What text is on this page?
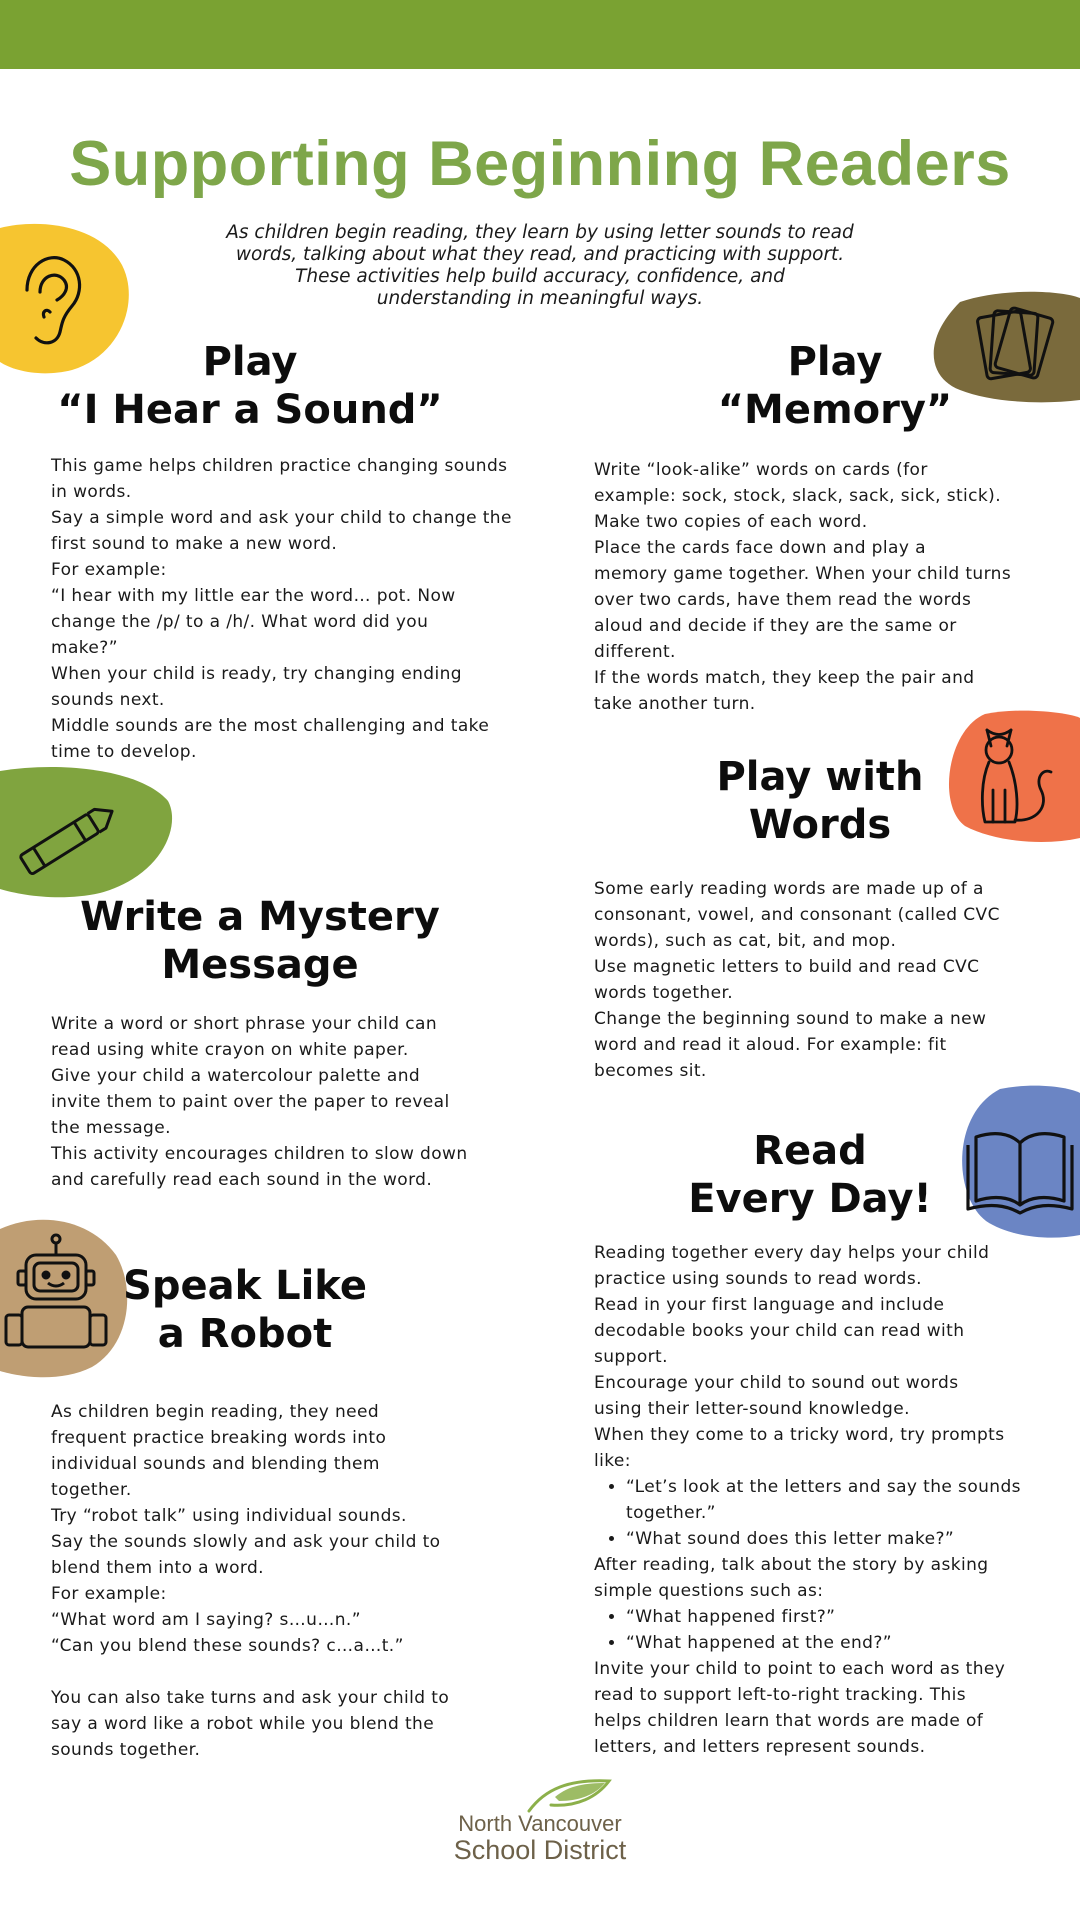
Supporting Beginning Readers
As children begin reading, they learn by using letter sounds to read
words, talking about what they read, and practicing with support.
These activities help build accuracy, confidence, and
understanding in meaningful ways.
Play
“I Hear a Sound”

This game helps children practice changing sounds

in words.

Say a simple word and ask your child to change the

first sound to make a new word.

For example:

“I hear with my little ear the word… pot. Now

change the /p/ to a /h/. What word did you

make?”

When your child is ready, try changing ending

sounds next.

Middle sounds are the most challenging and take

time to develop.

Play
“Memory”

Write “look-alike” words on cards (for

example: sock, stock, slack, sack, sick, stick).

Make two copies of each word.

Place the cards face down and play a

memory game together. When your child turns

over two cards, have them read the words

aloud and decide if they are the same or

different.

If the words match, they keep the pair and

take another turn.

Play with
Words

Some early reading words are made up of a

consonant, vowel, and consonant (called CVC

words), such as cat, bit, and mop.

Use magnetic letters to build and read CVC

words together.

Change the beginning sound to make a new

word and read it aloud. For example: fit

becomes sit.

Write a Mystery
Message

Write a word or short phrase your child can

read using white crayon on white paper.

Give your child a watercolour palette and

invite them to paint over the paper to reveal

the message.

This activity encourages children to slow down

and carefully read each sound in the word.

Read
Every Day!

Reading together every day helps your child

practice using sounds to read words.

Read in your first language and include

decodable books your child can read with

support.

Encourage your child to sound out words

using their letter-sound knowledge.

When they come to a tricky word, try prompts

like:

• “Let’s look at the letters and say the sounds together.”
• “What sound does this letter make?”

After reading, talk about the story by asking

simple questions such as:

• “What happened first?”
• “What happened at the end?”

Invite your child to point to each word as they

read to support left-to-right tracking. This

helps children learn that words are made of

letters, and letters represent sounds.

Speak Like
a Robot

As children begin reading, they need

frequent practice breaking words into

individual sounds and blending them

together.

Try “robot talk” using individual sounds.

Say the sounds slowly and ask your child to

blend them into a word.

For example:

“What word am I saying? s…u…n.”

“Can you blend these sounds? c…a…t.”

You can also take turns and ask your child to

say a word like a robot while you blend the

sounds together.

North Vancouver
School District
